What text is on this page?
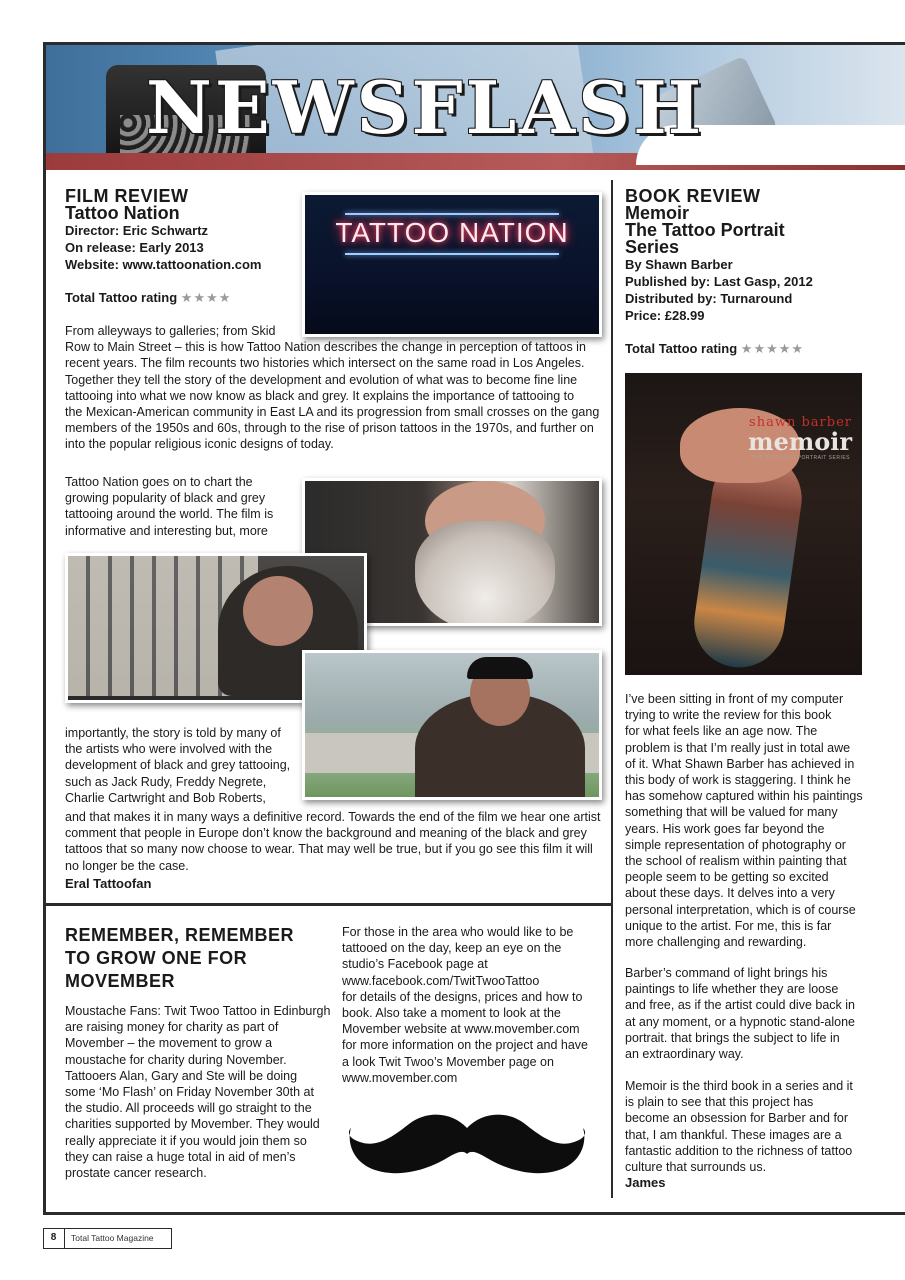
NEWSFLASH
FILM REVIEW
Tattoo Nation
Director: Eric Schwartz
On release: Early 2013
Website: www.tattoonation.com
Total Tattoo rating ★★★★
TATTOO NATION
From alleyways to galleries; from Skid
Row to Main Street – this is how Tattoo Nation describes the change in perception of tattoos in
recent years. The film recounts two histories which intersect on the same road in Los Angeles.
Together they tell the story of the development and evolution of what was to become fine line
tattooing into what we now know as black and grey. It explains the importance of tattooing to
the Mexican-American community in East LA and its progression from small crosses on the gang
members of the 1950s and 60s, through to the rise of prison tattoos in the 1970s, and further on
into the popular religious iconic designs of today.
Tattoo Nation goes on to chart the
growing popularity of black and grey
tattooing around the world. The film is
informative and interesting but, more
importantly, the story is told by many of
the artists who were involved with the
development of black and grey tattooing,
such as Jack Rudy, Freddy Negrete,
Charlie Cartwright and Bob Roberts,
and that makes it in many ways a definitive record. Towards the end of the film we hear one artist
comment that people in Europe don’t know the background and meaning of the black and grey
tattoos that so many now choose to wear. That may well be true, but if you go see this film it will
no longer be the case.
Eral Tattoofan
REMEMBER, REMEMBER
TO GROW ONE FOR
MOVEMBER
Moustache Fans: Twit Twoo Tattoo in Edinburgh
are raising money for charity as part of
Movember – the movement to grow a
moustache for charity during November.
Tattooers Alan, Gary and Ste will be doing
some ‘Mo Flash’ on Friday November 30th at
the studio. All proceeds will go straight to the
charities supported by Movember. They would
really appreciate it if you would join them so
they can raise a huge total in aid of men’s
prostate cancer research.
For those in the area who would like to be
tattooed on the day, keep an eye on the
studio’s Facebook page at
www.facebook.com/TwitTwooTattoo
for details of the designs, prices and how to
book. Also take a moment to look at the
Movember website at www.movember.com
for more information on the project and have
a look Twit Twoo’s Movember page on
www.movember.com
BOOK REVIEW
Memoir
The Tattoo Portrait
Series
By Shawn Barber
Published by: Last Gasp, 2012
Distributed by: Turnaround
Price: £28.99
Total Tattoo rating ★★★★★
shawn barber
memoir
THE TATTOOED PORTRAIT SERIES
I’ve been sitting in front of my computer
trying to write the review for this book
for what feels like an age now. The
problem is that I’m really just in total awe
of it. What Shawn Barber has achieved in
this body of work is staggering. I think he
has somehow captured within his paintings
something that will be valued for many
years. His work goes far beyond the
simple representation of photography or
the school of realism within painting that
people seem to be getting so excited
about these days. It delves into a very
personal interpretation, which is of course
unique to the artist. For me, this is far
more challenging and rewarding.
Barber’s command of light brings his
paintings to life whether they are loose
and free, as if the artist could dive back in
at any moment, or a hypnotic stand-alone
portrait. that brings the subject to life in
an extraordinary way.
Memoir is the third book in a series and it
is plain to see that this project has
become an obsession for Barber and for
that, I am thankful. These images are a
fantastic addition to the richness of tattoo
culture that surrounds us.
James
8	Total Tattoo Magazine
